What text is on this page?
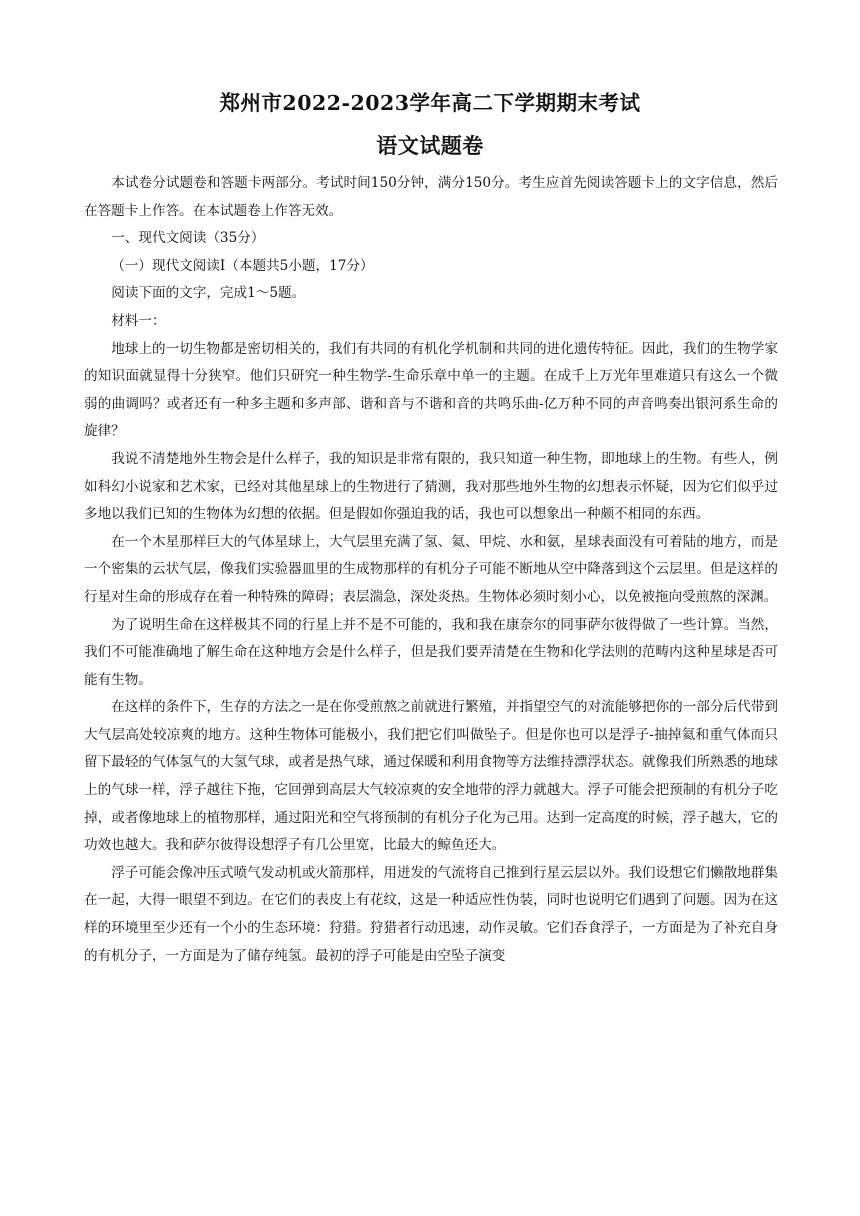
郑州市2022-2023学年高二下学期期末考试
语文试题卷

本试卷分试题卷和答题卡两部分。考试时间150分钟，满分150分。考生应首先阅读答题卡上的文字信息，然后在答题卡上作答。在本试题卷上作答无效。

一、现代文阅读（35分）

（一）现代文阅读Ⅰ（本题共5小题，17分）

阅读下面的文字，完成1～5题。

材料一：

地球上的一切生物都是密切相关的，我们有共同的有机化学机制和共同的进化遗传特征。因此，我们的生物学家的知识面就显得十分狭窄。他们只研究一种生物学-生命乐章中单一的主题。在成千上万光年里难道只有这么一个微弱的曲调吗？或者还有一种多主题和多声部、谐和音与不谐和音的共鸣乐曲-亿万种不同的声音鸣奏出银河系生命的旋律？

我说不清楚地外生物会是什么样子，我的知识是非常有限的，我只知道一种生物，即地球上的生物。有些人，例如科幻小说家和艺术家，已经对其他星球上的生物进行了猜测，我对那些地外生物的幻想表示怀疑，因为它们似乎过多地以我们已知的生物体为幻想的依据。但是假如你强迫我的话，我也可以想象出一种颇不相同的东西。

在一个木星那样巨大的气体星球上，大气层里充满了氢、氦、甲烷、水和氨，星球表面没有可着陆的地方，而是一个密集的云状气层，像我们实验器皿里的生成物那样的有机分子可能不断地从空中降落到这个云层里。但是这样的行星对生命的形成存在着一种特殊的障碍；表层湍急，深处炎热。生物体必须时刻小心，以免被拖向受煎熬的深渊。

为了说明生命在这样极其不同的行星上并不是不可能的，我和我在康奈尔的同事萨尔彼得做了一些计算。当然，我们不可能准确地了解生命在这种地方会是什么样子，但是我们要弄清楚在生物和化学法则的范畴内这种星球是否可能有生物。

在这样的条件下，生存的方法之一是在你受煎熬之前就进行繁殖，并指望空气的对流能够把你的一部分后代带到大气层高处较凉爽的地方。这种生物体可能极小，我们把它们叫做坠子。但是你也可以是浮子-抽掉氦和重气体而只留下最轻的气体氢气的大氢气球，或者是热气球，通过保暖和利用食物等方法维持漂浮状态。就像我们所熟悉的地球上的气球一样，浮子越往下拖，它回弹到高层大气较凉爽的安全地带的浮力就越大。浮子可能会把预制的有机分子吃掉，或者像地球上的植物那样，通过阳光和空气将预制的有机分子化为己用。达到一定高度的时候，浮子越大，它的功效也越大。我和萨尔彼得设想浮子有几公里宽，比最大的鲸鱼还大。

浮子可能会像冲压式喷气发动机或火箭那样，用迸发的气流将自己推到行星云层以外。我们设想它们懒散地群集在一起，大得一眼望不到边。在它们的表皮上有花纹，这是一种适应性伪装，同时也说明它们遇到了问题。因为在这样的环境里至少还有一个小的生态环境：狩猎。狩猎者行动迅速，动作灵敏。它们吞食浮子，一方面是为了补充自身的有机分子，一方面是为了储存纯氢。最初的浮子可能是由空坠子演变
